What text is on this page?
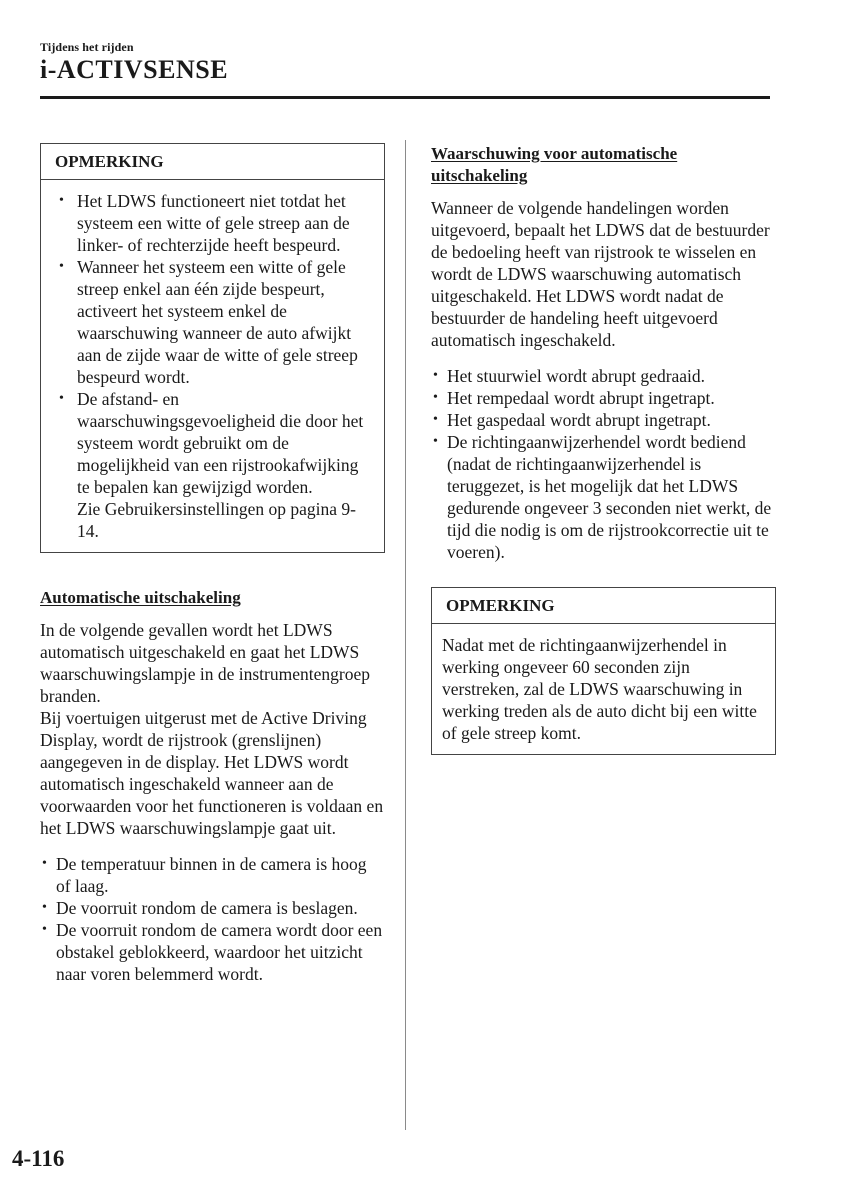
Tijdens het rijden
i-ACTIVSENSE
OPMERKING
• Het LDWS functioneert niet totdat het systeem een witte of gele streep aan de linker- of rechterzijde heeft bespeurd.
• Wanneer het systeem een witte of gele streep enkel aan één zijde bespeurt, activeert het systeem enkel de waarschuwing wanneer de auto afwijkt aan de zijde waar de witte of gele streep bespeurd wordt.
• De afstand- en waarschuwingsgevoeligheid die door het systeem wordt gebruikt om de mogelijkheid van een rijstrookafwijking te bepalen kan gewijzigd worden.

Zie Gebruikersinstellingen op pagina 9-14.

Automatische uitschakeling

In de volgende gevallen wordt het LDWS automatisch uitgeschakeld en gaat het LDWS waarschuwingslampje in de instrumentengroep branden.

Bij voertuigen uitgerust met de Active Driving Display, wordt de rijstrook (grenslijnen) aangegeven in de display. Het LDWS wordt automatisch ingeschakeld wanneer aan de voorwaarden voor het functioneren is voldaan en het LDWS waarschuwingslampje gaat uit.

• De temperatuur binnen in de camera is hoog of laag.
• De voorruit rondom de camera is beslagen.
• De voorruit rondom de camera wordt door een obstakel geblokkeerd, waardoor het uitzicht naar voren belemmerd wordt.
Waarschuwing voor automatische uitschakeling

Wanneer de volgende handelingen worden uitgevoerd, bepaalt het LDWS dat de bestuurder de bedoeling heeft van rijstrook te wisselen en wordt de LDWS waarschuwing automatisch uitgeschakeld. Het LDWS wordt nadat de bestuurder de handeling heeft uitgevoerd automatisch ingeschakeld.

• Het stuurwiel wordt abrupt gedraaid.
• Het rempedaal wordt abrupt ingetrapt.
• Het gaspedaal wordt abrupt ingetrapt.
• De richtingaanwijzerhendel wordt bediend (nadat de richtingaanwijzerhendel is teruggezet, is het mogelijk dat het LDWS gedurende ongeveer 3 seconden niet werkt, de tijd die nodig is om de rijstrookcorrectie uit te voeren).
OPMERKING

Nadat met de richtingaanwijzerhendel in werking ongeveer 60 seconden zijn verstreken, zal de LDWS waarschuwing in werking treden als de auto dicht bij een witte of gele streep komt.

4-116
